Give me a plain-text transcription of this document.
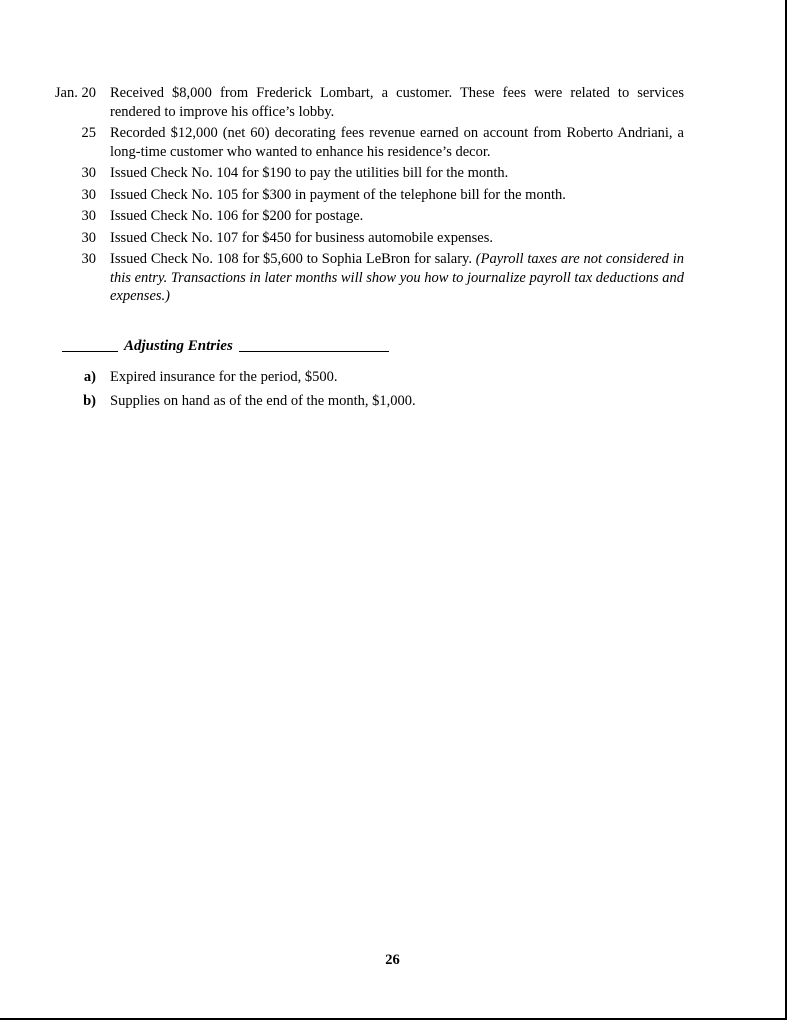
Jan. 20 Received $8,000 from Frederick Lombart, a customer. These fees were related to services rendered to improve his office’s lobby.
25 Recorded $12,000 (net 60) decorating fees revenue earned on account from Roberto Andriani, a long-time customer who wanted to enhance his residence’s decor.
30 Issued Check No. 104 for $190 to pay the utilities bill for the month.
30 Issued Check No. 105 for $300 in payment of the telephone bill for the month.
30 Issued Check No. 106 for $200 for postage.
30 Issued Check No. 107 for $450 for business automobile expenses.
30 Issued Check No. 108 for $5,600 to Sophia LeBron for salary. (Payroll taxes are not considered in this entry. Transactions in later months will show you how to journalize payroll tax deductions and expenses.)
Adjusting Entries
a) Expired insurance for the period, $500.
b) Supplies on hand as of the end of the month, $1,000.
26
